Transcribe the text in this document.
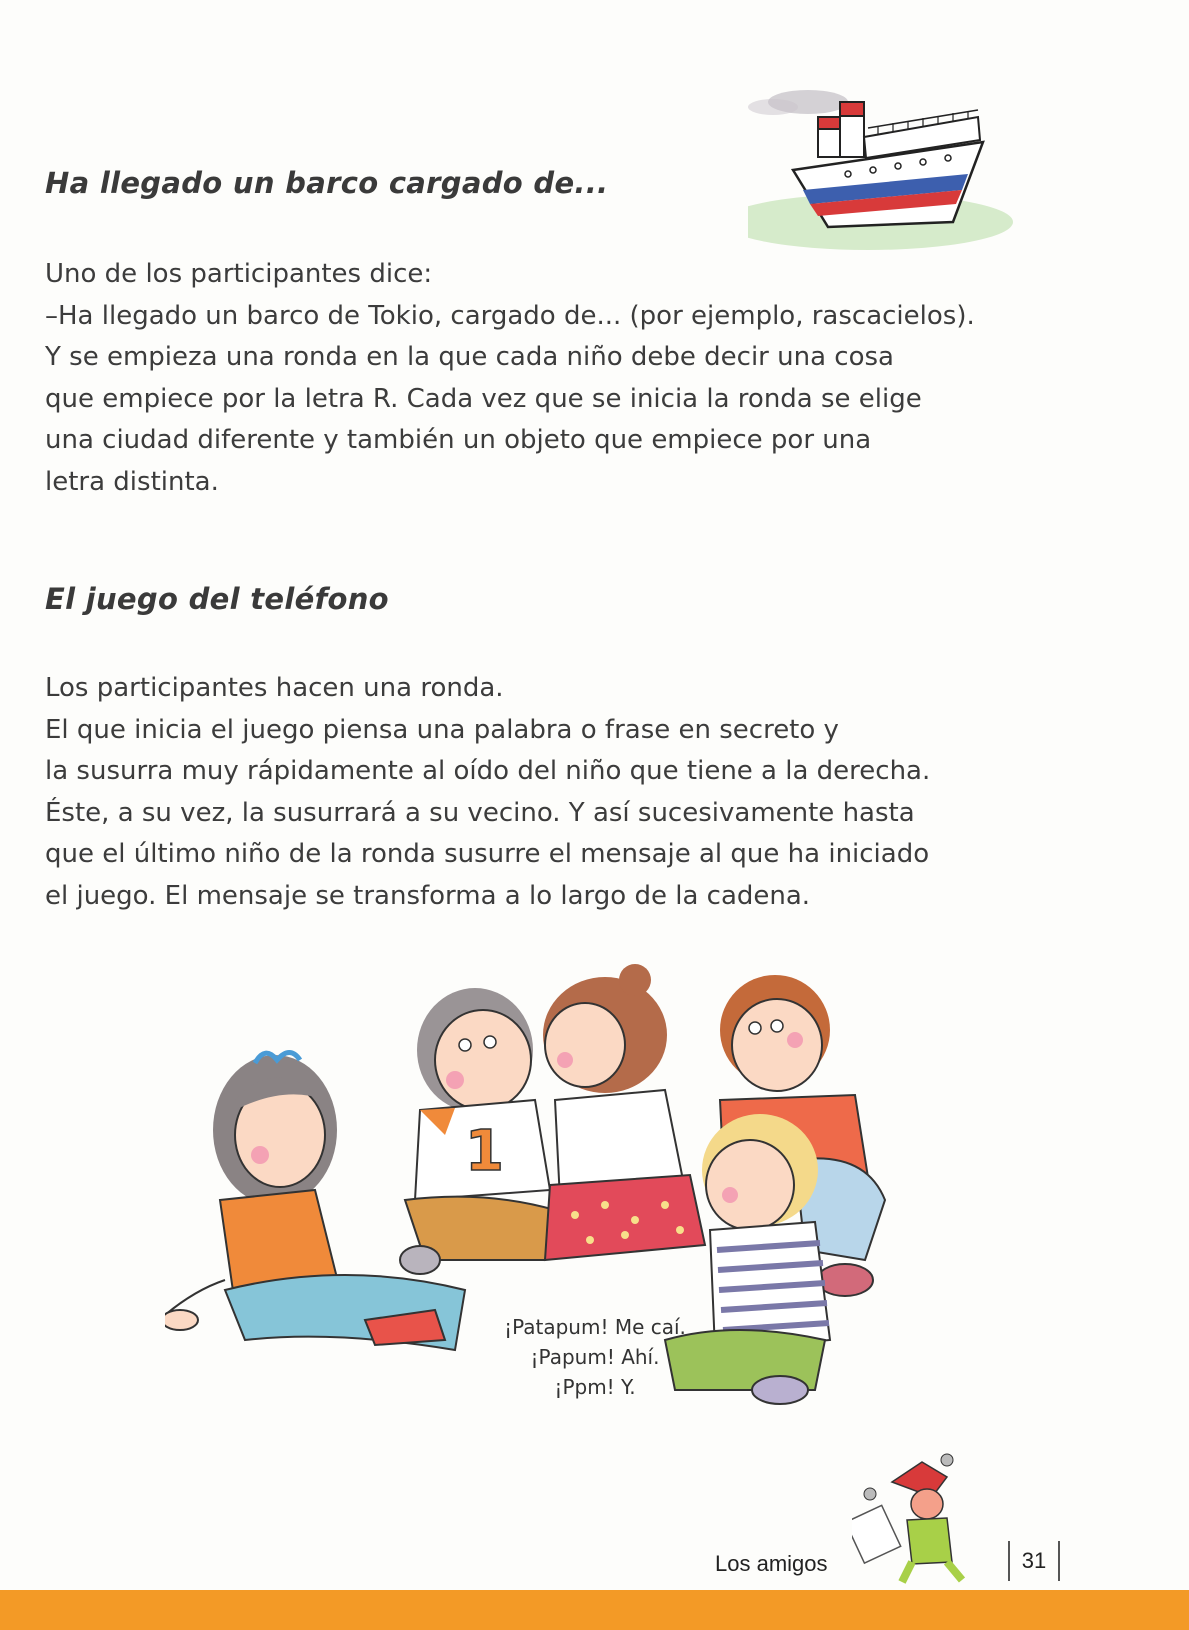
Ha llegado un barco cargado de...
Uno de los participantes dice:
–Ha llegado un barco de Tokio, cargado de... (por ejemplo, rascacielos).
Y se empieza una ronda en la que cada niño debe decir una cosa
que empiece por la letra R. Cada vez que se inicia la ronda se elige
una ciudad diferente y también un objeto que empiece por una
letra distinta.
El juego del teléfono
Los participantes hacen una ronda.
El que inicia el juego piensa una palabra o frase en secreto y
la susurra muy rápidamente al oído del niño que tiene a la derecha.
Éste, a su vez, la susurrará a su vecino. Y así sucesivamente hasta
que el último niño de la ronda susurre el mensaje al que ha iniciado
el juego. El mensaje se transforma a lo largo de la cadena.
1
¡Patapum! Me caí.
¡Papum! Ahí.
¡Ppm! Y.
Los amigos	31
